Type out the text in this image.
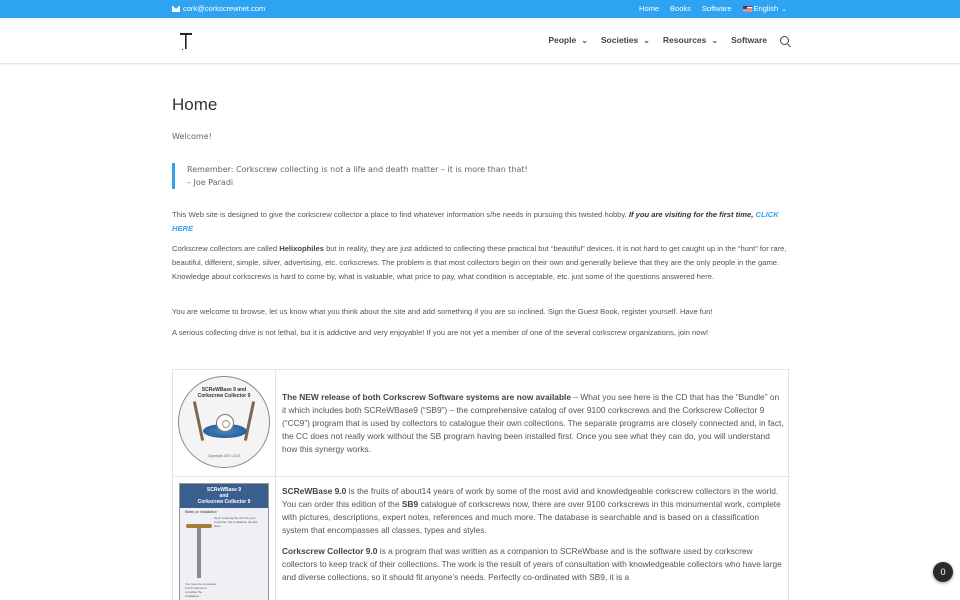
cork@corkscrewnet.com	Home Books Software	English ⌄
People ⌄ Societies ⌄ Resources ⌄ Software
Home
Welcome!
Remember: Corkscrew collecting is not a life and death matter – it is more than that!
– Joe Paradi
This Web site is designed to give the corkscrew collector a place to find whatever information s/he needs in pursuing this twisted hobby. If you are visiting for the first time, CLICK HERE
Corkscrew collectors are called Helixophiles but in reality, they are just addicted to collecting these practical but “beautiful” devices. It is not hard to get caught up in the “hunt” for rare, beautiful, different, simple, silver, advertising, etc. corkscrews. The problem is that most collectors begin on their own and generally believe that they are the only people in the game. Knowledge about corkscrews is hard to come by, what is valuable, what price to pay, what condition is acceptable, etc. just some of the questions answered here.
You are welcome to browse, let us know what you think about the site and add something if you are so inclined. Sign the Guest Book, register yourself. Have fun!
A serious collecting drive is not lethal, but it is addictive and very enjoyable! If you are not yet a member of one of the several corkscrew organizations, join now!
SCReWBase 9 and
Corkscrew Collector 9
Copyright 2007-2013
The NEW release of both Corkscrew Software systems are now available – What you see here is the CD that has the “Bundle” on it which includes both SCReWBase9 (“SB9”) – the comprehensive catalog of over 9100 corkscrews and the Corkscrew Collector 9 (“CC9”) program that is used by collectors to catalogue their own collections. The separate programs are closely connected and, in fact, the CC does not really work without the SB program having been installed first. Once you see what they can do, you will understand how this synergy works.
SCReWBase 9
and
Corkscrew Collector 9
Notes on Installation
Upon inserting the CD into your computer, the installation should start...
You must be connected to the Internet to complete the installation.

SCReWBase 9.0 is the fruits of about14 years of work by some of the most avid and knowledgeable corkscrew collectors in the world. You can order this edition of the SB9 catalogue of corkscrews now, there are over 9100 corkscrews in this monumental work, complete with pictures, descriptions, expert notes, references and much more. The database is searchable and is based on a classification system that encompasses all classes, types and styles.

Corkscrew Collector 9.0 is a program that was written as a companion to SCReWbase and is the software used by corkscrew collectors to keep track of their collections. The work is the result of years of consultation with knowledgeable collectors who have large and diverse collections, so it should fit anyone’s needs. Perfectly co-ordinated with SB9, it is a	0
